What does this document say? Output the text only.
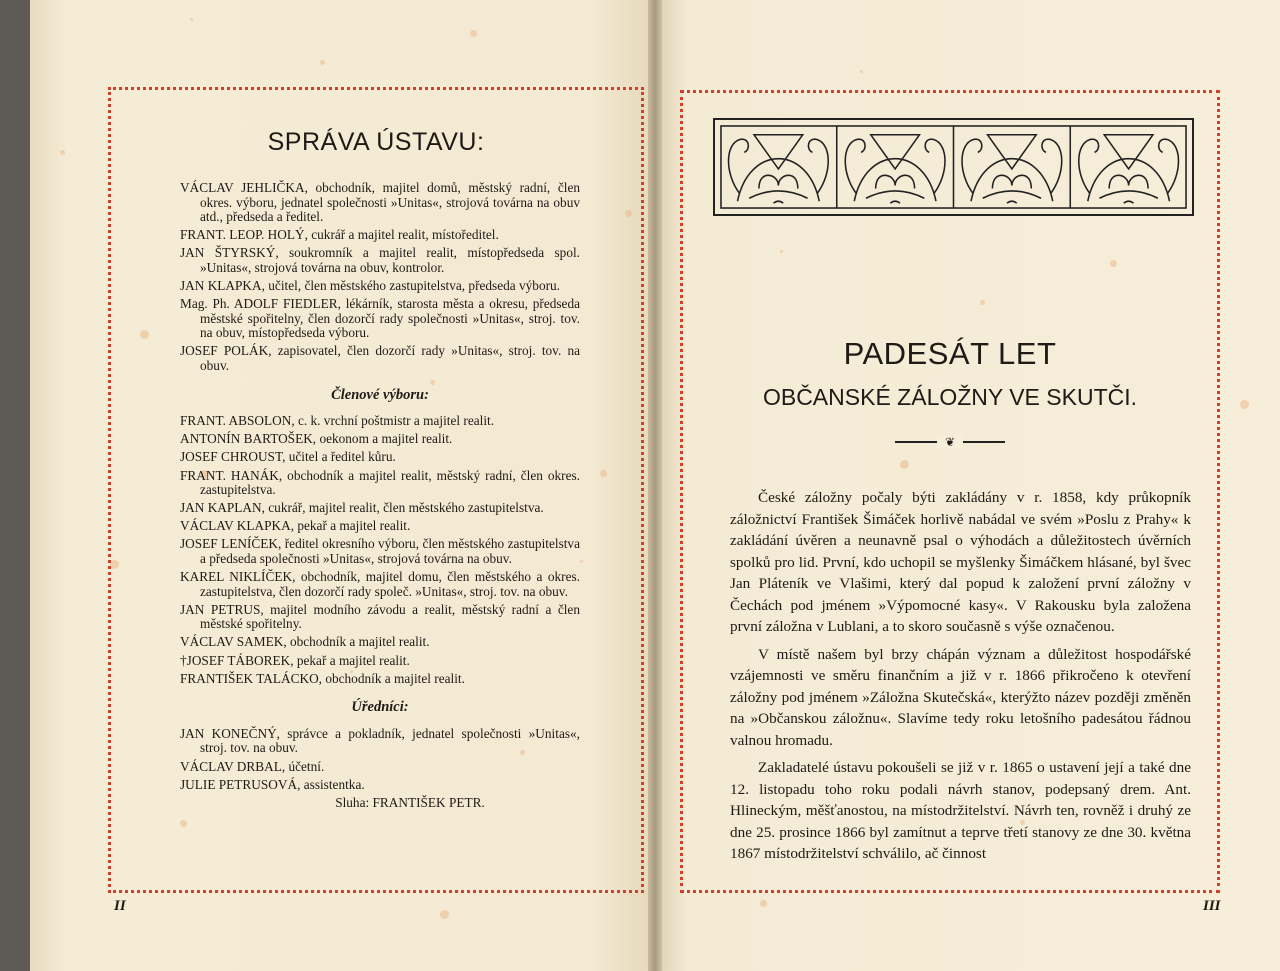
SPRÁVA ÚSTAVU:
VÁCLAV JEHLIČKA, obchodník, majitel domů, městský radní, člen okres. výboru, jednatel společnosti »Unitas«, strojová továrna na obuv atd., předseda a ředitel.
FRANT. LEOP. HOLÝ, cukrář a majitel realit, místoředitel.
JAN ŠTYRSKÝ, soukromník a majitel realit, místopředseda spol. »Unitas«, strojová továrna na obuv, kontrolor.
JAN KLAPKA, učitel, člen městského zastupitelstva, předseda výboru.
Mag. Ph. ADOLF FIEDLER, lékárník, starosta města a okresu, předseda městské spořitelny, člen dozorčí rady společnosti »Unitas«, stroj. tov. na obuv, místopředseda výboru.
JOSEF POLÁK, zapisovatel, člen dozorčí rady »Unitas«, stroj. tov. na obuv.
Členové výboru:
FRANT. ABSOLON, c. k. vrchní poštmistr a majitel realit.
ANTONÍN BARTOŠEK, oekonom a majitel realit.
JOSEF CHROUST, učitel a ředitel kůru.
FRANT. HANÁK, obchodník a majitel realit, městský radní, člen okres. zastupitelstva.
JAN KAPLAN, cukrář, majitel realit, člen městského zastupitelstva.
VÁCLAV KLAPKA, pekař a majitel realit.
JOSEF LENÍČEK, ředitel okresního výboru, člen městského zastupitelstva a předseda společnosti »Unitas«, strojová továrna na obuv.
KAREL NIKLÍČEK, obchodník, majitel domu, člen městského a okres. zastupitelstva, člen dozorčí rady společ. »Unitas«, stroj. tov. na obuv.
JAN PETRUS, majitel modního závodu a realit, městský radní a člen městské spořitelny.
VÁCLAV SAMEK, obchodník a majitel realit.
†JOSEF TÁBOREK, pekař a majitel realit.
FRANTIŠEK TALÁCKO, obchodník a majitel realit.
Úředníci:
JAN KONEČNÝ, správce a pokladník, jednatel společnosti »Unitas«, stroj. tov. na obuv.
VÁCLAV DRBAL, účetní.
JULIE PETRUSOVÁ, assistentka.
Sluha: FRANTIŠEK PETR.
II
PADESÁT LET
OBČANSKÉ ZÁLOŽNY VE SKUTČI.
❦

České záložny počaly býti zakládány v r. 1858, kdy průkopník záložnictví František Šimáček horlivě nabádal ve svém »Poslu z Prahy« k zakládání úvěren a neunavně psal o výhodách a důležitostech úvěrních spolků pro lid. První, kdo uchopil se myšlenky Šimáčkem hlásané, byl švec Jan Pláteník ve Vlašimi, který dal popud k založení první záložny v Čechách pod jménem »Výpomocné kasy«. V Rakousku byla založena první záložna v Lublani, a to skoro současně s výše označenou.

V místě našem byl brzy chápán význam a důležitost hospodářské vzájemnosti ve směru finančním a již v r. 1866 přikročeno k otevření záložny pod jménem »Záložna Skutečská«, kterýžto název později změněn na »Občanskou záložnu«. Slavíme tedy roku letošního padesátou řádnou valnou hromadu.

Zakladatelé ústavu pokoušeli se již v r. 1865 o ustavení její a také dne 12. listopadu toho roku podali návrh stanov, podepsaný drem. Ant. Hlineckým, měšťanostou, na místodržitelství. Návrh ten, rovněž i druhý ze dne 25. prosince 1866 byl zamítnut a teprve třetí stanovy ze dne 30. května 1867 místodržitelství schválilo, ač činnost

III
